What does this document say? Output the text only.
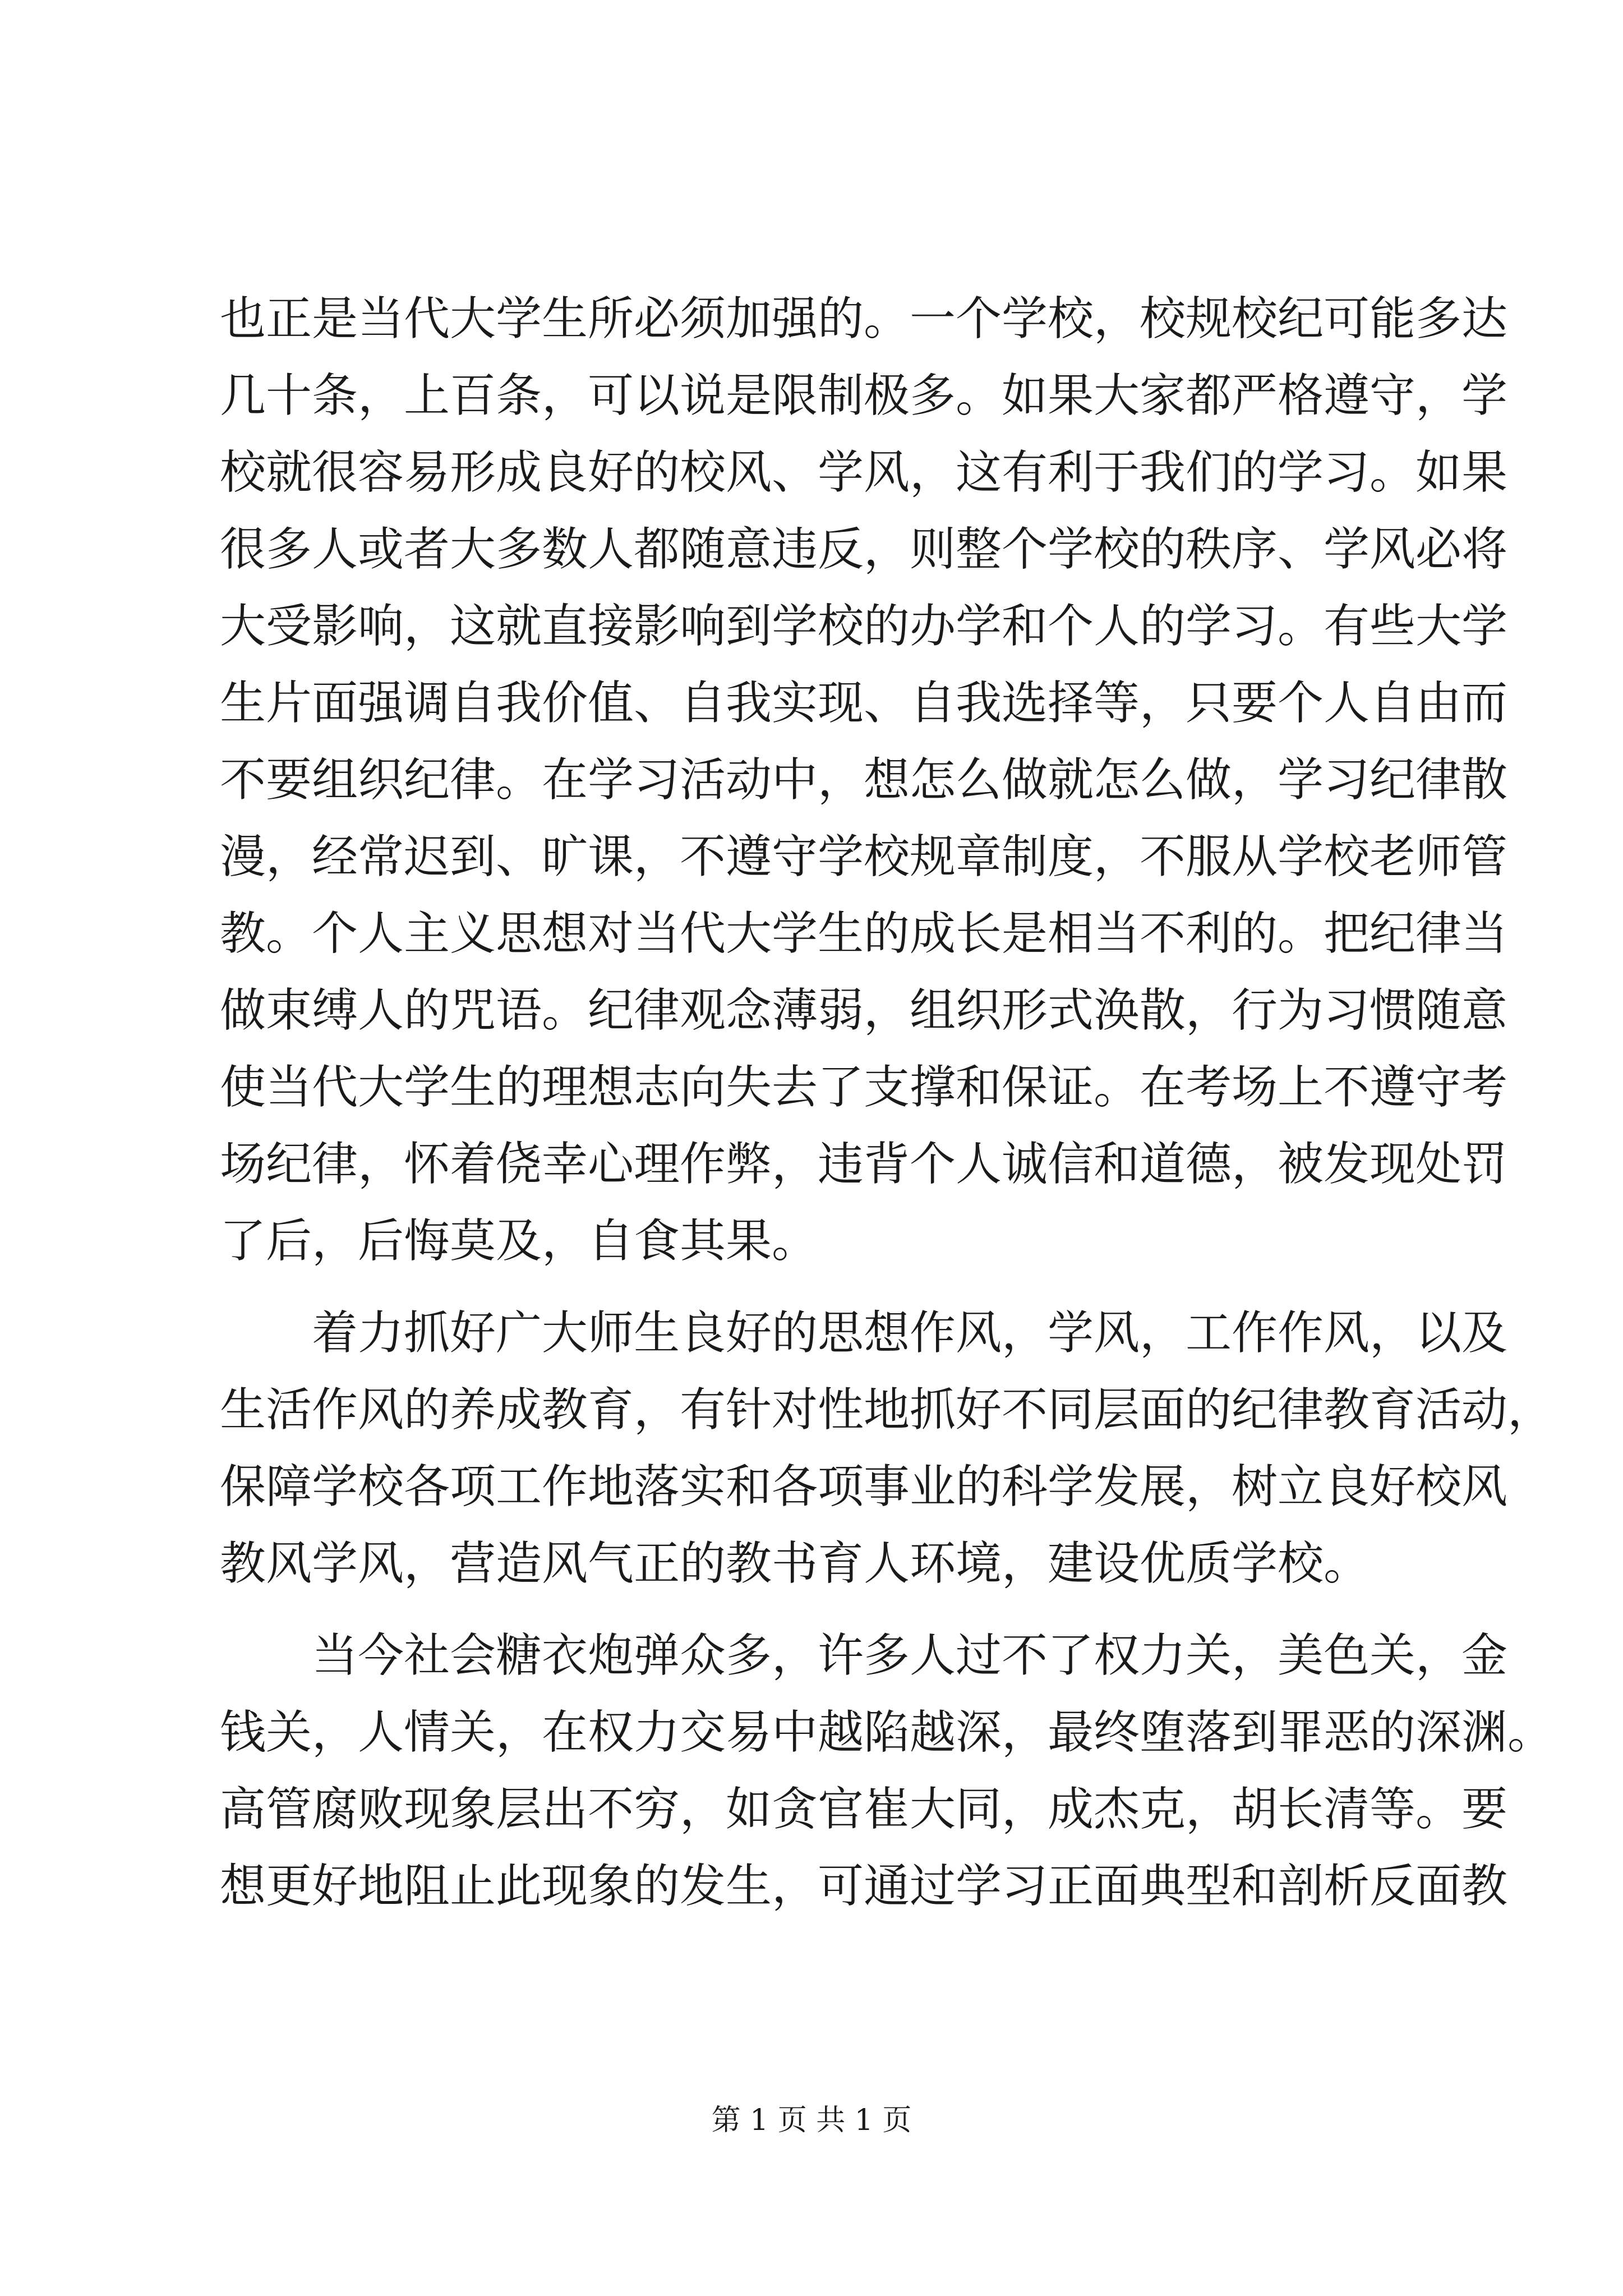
也正是当代大学生所必须加强的。一个学校，校规校纪可能多达
几十条，上百条，可以说是限制极多。如果大家都严格遵守，学
校就很容易形成良好的校风、学风，这有利于我们的学习。如果
很多人或者大多数人都随意违反，则整个学校的秩序、学风必将
大受影响，这就直接影响到学校的办学和个人的学习。有些大学
生片面强调自我价值、自我实现、自我选择等，只要个人自由而
不要组织纪律。在学习活动中，想怎么做就怎么做，学习纪律散
漫，经常迟到、旷课，不遵守学校规章制度，不服从学校老师管
教。个人主义思想对当代大学生的成长是相当不利的。把纪律当
做束缚人的咒语。纪律观念薄弱，组织形式涣散，行为习惯随意
使当代大学生的理想志向失去了支撑和保证。在考场上不遵守考
场纪律，怀着侥幸心理作弊，违背个人诚信和道德，被发现处罚
了后，后悔莫及，自食其果。
着力抓好广大师生良好的思想作风，学风，工作作风，以及
生活作风的养成教育，有针对性地抓好不同层面的纪律教育活动，
保障学校各项工作地落实和各项事业的科学发展，树立良好校风
教风学风，营造风气正的教书育人环境，建设优质学校。
当今社会糖衣炮弹众多，许多人过不了权力关，美色关，金
钱关，人情关，在权力交易中越陷越深，最终堕落到罪恶的深渊。
高管腐败现象层出不穷，如贪官崔大同，成杰克，胡长清等。要
想更好地阻止此现象的发生，可通过学习正面典型和剖析反面教
第 1 页 共 1 页
